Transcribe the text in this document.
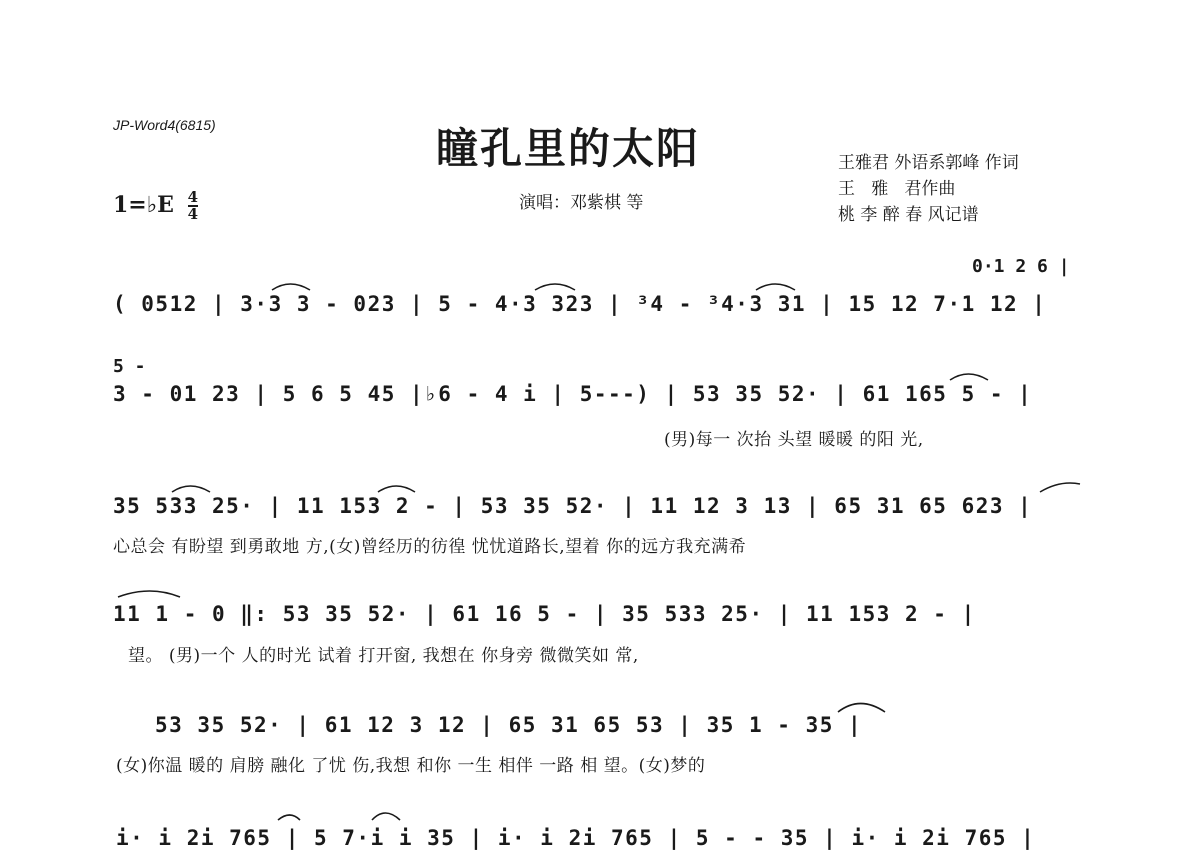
JP-Word4(6815)	瞳孔里的太阳
1=♭E $\frac{4}{4}$	演唱：邓紫棋 等
王雅君 外语系郭峰 作词
王   雅   君作曲
桃 李 醉 春 风记谱
0·1 2 6 |
( 0512 | 3·3 3 - 023 | 5 - 4·3 323 | ³4 - ³4·3 31 | 15 12 7·1 12 |
5 -
3 - 01 23 | 5 6 5 45 |♭6 - 4 i | 5---) | 53 35 52· | 61 165 5 - |
(男)每一 次抬 头望 暖暖 的阳 光,
35 533 25· | 11 153 2 - | 53 35 52· | 11 12 3 13 | 65 31 65 623 |
心总会 有盼望 到勇敢地 方,(女)曾经历的彷徨 忧忧道路长,望着 你的远方我充满希
11 1 - 0 ‖: 53 35 52· | 61 16 5 - | 35 533 25· | 11 153 2 - |
望。 (男)一个 人的时光 试着 打开窗, 我想在 你身旁 微微笑如 常,
53 35 52· | 61 12 3 12 | 65 31 65 53 | 35 1 - 35 |
(女)你温 暖的 肩膀 融化 了忧 伤,我想 和你 一生 相伴 一路 相 望。(女)梦的
i· i 2i 765 | 5 7·i i 35 | i· i 2i 765 | 5 - - 35 | i· i 2i 765 |
